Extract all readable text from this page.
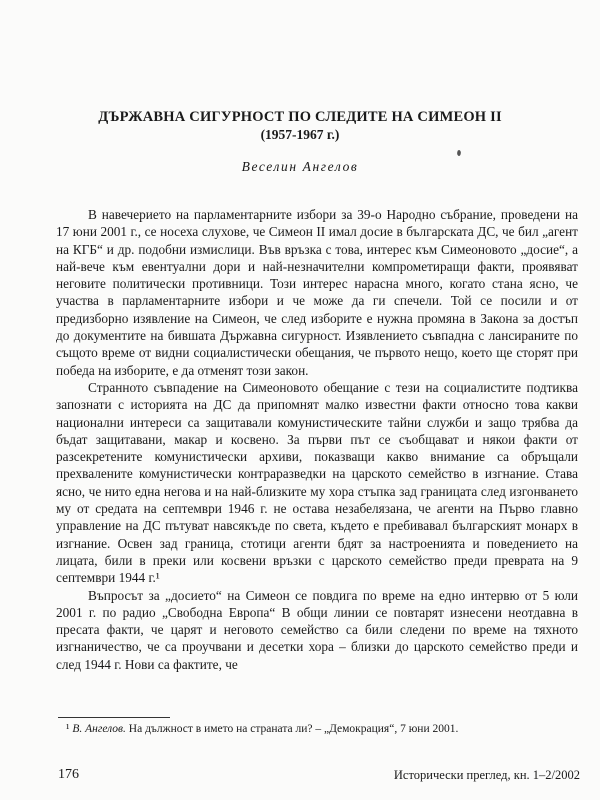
ДЪРЖАВНА СИГУРНОСТ ПО СЛЕДИТЕ НА СИМЕОН II
(1957-1967 г.)
Веселин Ангелов

В навечерието на парламентарните избори за 39-о Народно събрание, проведени на 17 юни 2001 г., се носеха слухове, че Симеон II имал досие в българската ДС, че бил „агент на КГБ“ и др. подобни измислици. Във връзка с това, интерес към Симеоновото „досие“, а най-вече към евентуални дори и най-незначителни компрометиращи факти, проявяват неговите политически противници. Този интерес нарасна много, когато стана ясно, че участва в парламентарните избори и че може да ги спечели. Той се посили и от предизборно изявление на Симеон, че след изборите е нужна промяна в Закона за достъп до документите на бившата Държавна сигурност. Изявлението съвпадна с лансираните по същото време от видни социалистически обещания, че първото нещо, което ще сторят при победа на изборите, е да отменят този закон.

Странното съвпадение на Симеоновото обещание с тези на социалистите подтиква запознати с историята на ДС да припомнят малко известни факти относно това какви национални интереси са защитавали комунистическите тайни служби и защо трябва да бъдат защитавани, макар и косвено. За първи път се съобщават и някои факти от разсекретените комунистически архиви, показващи какво внимание са обръщали прехвалените комунистически контраразведки на царското семейство в изгнание. Става ясно, че нито една негова и на най-близките му хора стъпка зад границата след изгонването му от средата на септември 1946 г. не остава незабелязана, че агенти на Първо главно управление на ДС пътуват навсякъде по света, където е пребивавал българският монарх в изгнание. Освен зад граница, стотици агенти бдят за настроенията и поведението на лицата, били в преки или косвени връзки с царското семейство преди превратa на 9 септември 1944 г.¹

Въпросът за „досието“ на Симеон се повдига по време на едно интервю от 5 юли 2001 г. по радио „Свободна Европа“ В общи линии се повтарят изнесени неотдавна в пресата факти, че царят и неговото семейство са били следени по време на тяхното изгнаничество, че са проучвани и десетки хора – близки до царското семейство преди и след 1944 г. Нови са фактите, че

¹ В. Ангелов. На дължност в името на страната ли? – „Демокрация“, 7 юни 2001.
176	Исторически преглед, кн. 1–2/2002
